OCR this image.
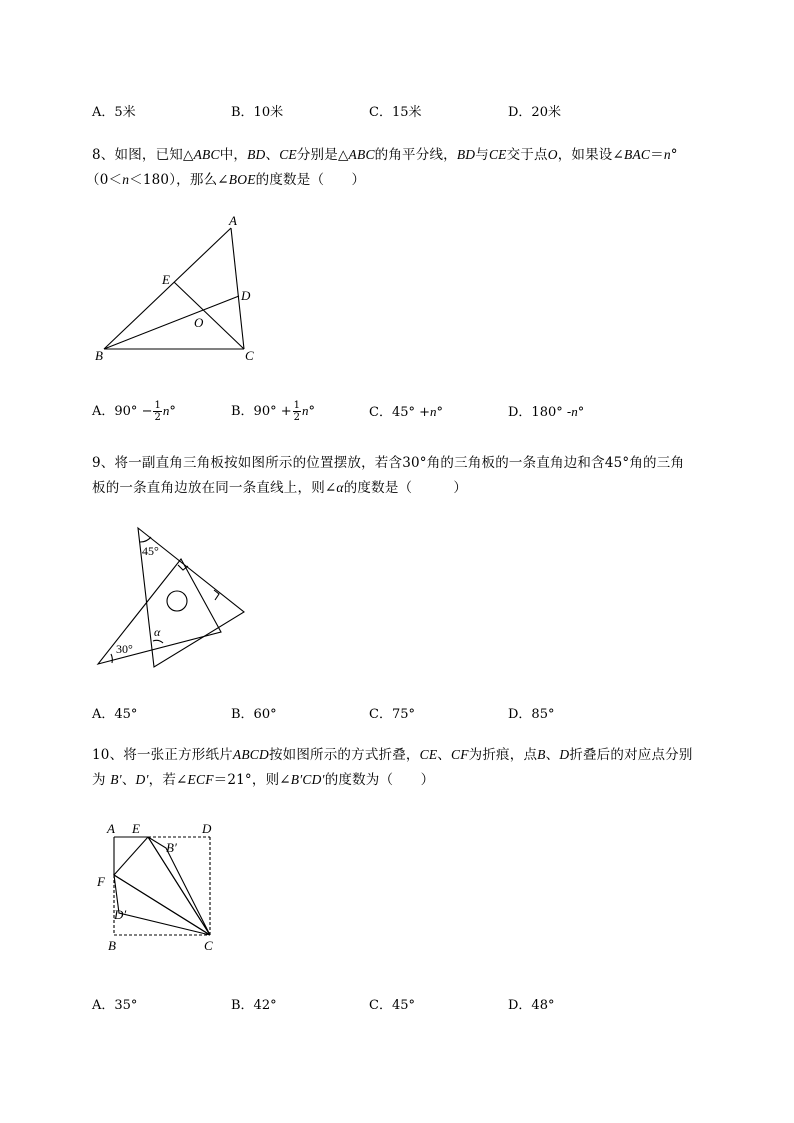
A．5米	B．10米	C．15米	D．20米
8、如图，已知△ABC中，BD、CE分别是△ABC的角平分线，BD与CE交于点O，如果设∠BAC＝n°
（0＜n＜180），那么∠BOE的度数是（　　）
A
B	C
D
E
O
A．$90^\circ - \frac{1}{2} n^\circ$	B．$90^\circ + \frac{1}{2} n^\circ$	C．45° +n°	D．180° -n°
9、将一副直角三角板按如图所示的位置摆放，若含30°角的三角板的一条直角边和含45°角的三角
板的一条直角边放在同一条直线上，则∠α的度数是（　　　）
45°
30°
α
A．45°	B．60°	C．75°	D．85°
10、将一张正方形纸片ABCD按如图所示的方式折叠，CE、CF为折痕，点B、D折叠后的对应点分别
为 B′、D′，若∠ECF＝21°，则∠B′CD′的度数为（　　）
A E	D
B′
F
D′
B	C
A．35°	B．42°	C．45°	D．48°
